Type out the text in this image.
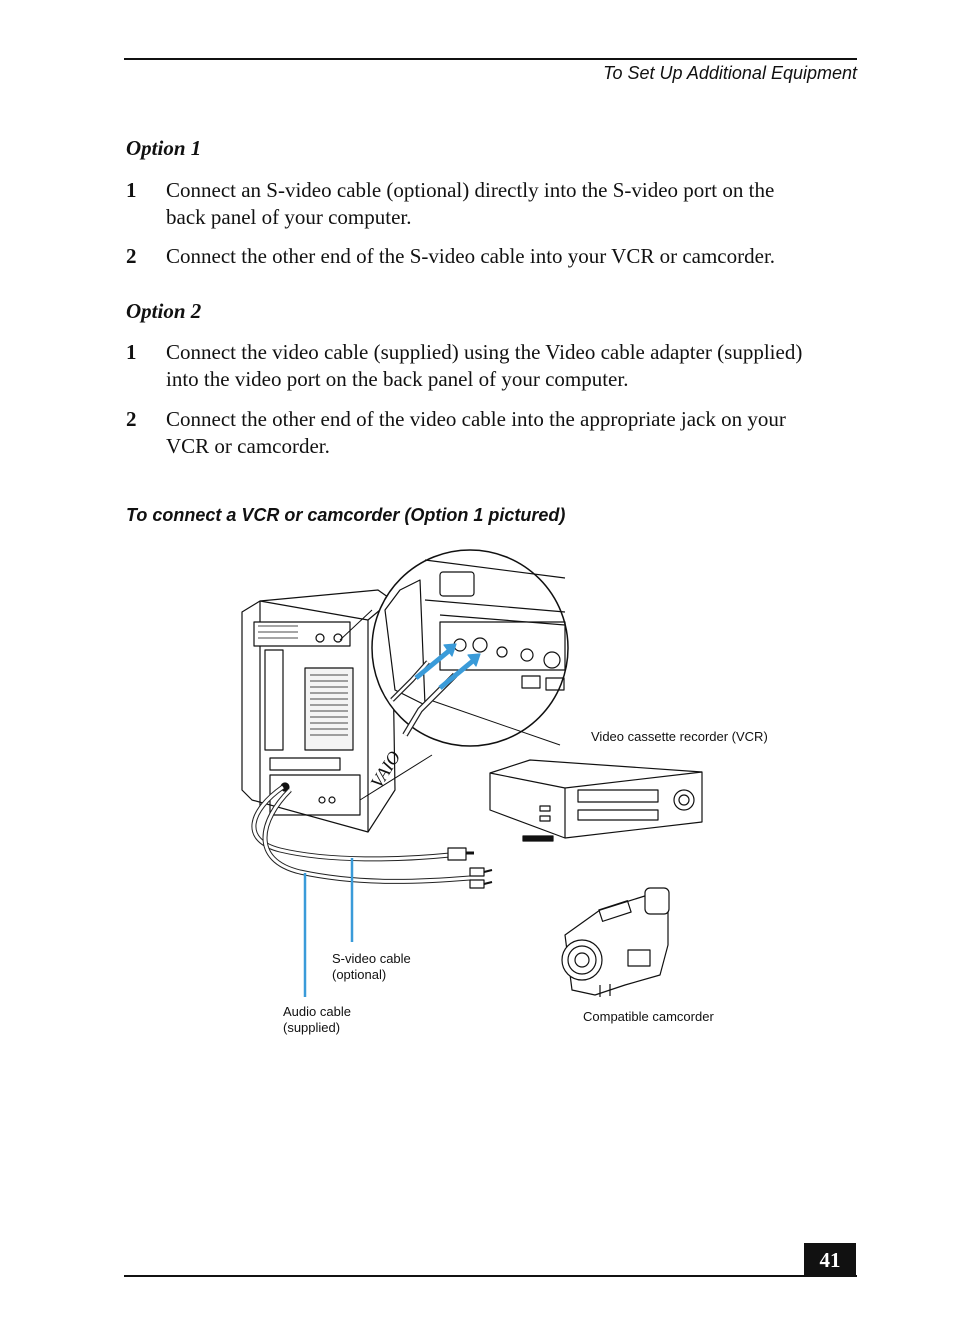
To Set Up Additional Equipment
Option 1
1 Connect an S-video cable (optional) directly into the S-video port on the
back panel of your computer.
2 Connect the other end of the S-video cable into your VCR or camcorder.
Option 2
1 Connect the video cable (supplied) using the Video cable adapter (supplied)
into the video port on the back panel of your computer.
2 Connect the other end of the video cable into the appropriate jack on your
VCR or camcorder.
To connect a VCR or camcorder (Option 1 pictured)
VAIO
Video cassette recorder (VCR)
S-video cable
(optional)
Audio cable
(supplied)
Compatible camcorder
41
